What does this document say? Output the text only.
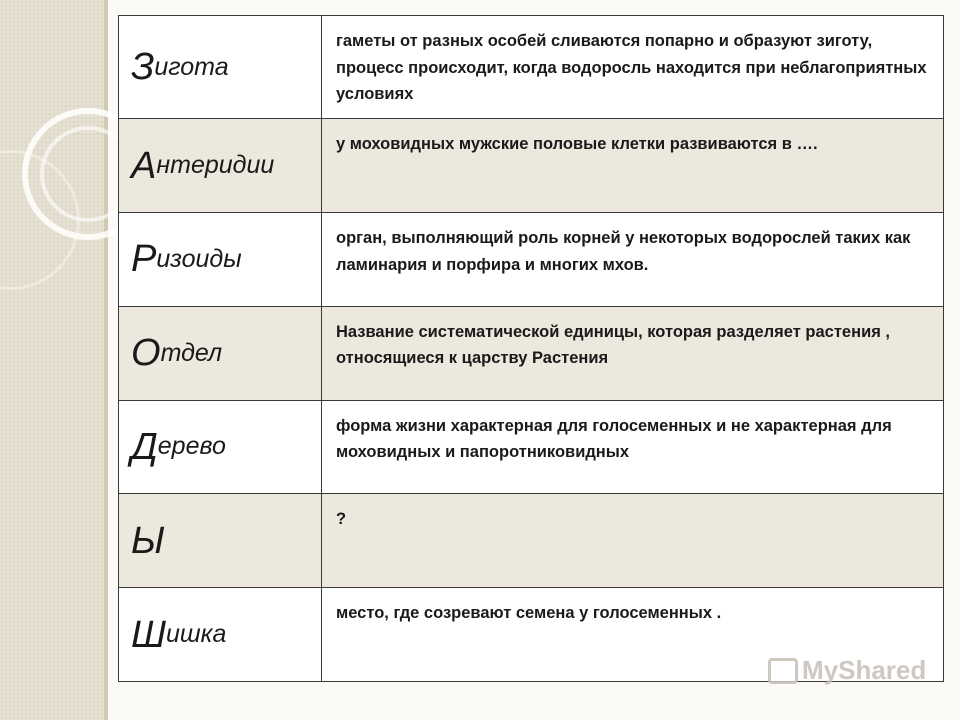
З игота
гаметы от разных особей сливаются попарно и образуют зиготу, процесс происходит, когда водоросль находится при неблагоприятных условиях
А нтеридии
у моховидных мужские половые клетки развиваются в ….
Р изоиды
орган, выполняющий роль корней у некоторых водорослей таких как ламинария и порфира и многих мхов.
О тдел
Название систематической единицы, которая разделяет растения , относящиеся к царству Растения
Д ерево
форма жизни характерная для голосеменных и не характерная для моховидных и папоротниковидных
Ы
?
Ш ишка
место, где созревают семена у голосеменных .
MyShared
